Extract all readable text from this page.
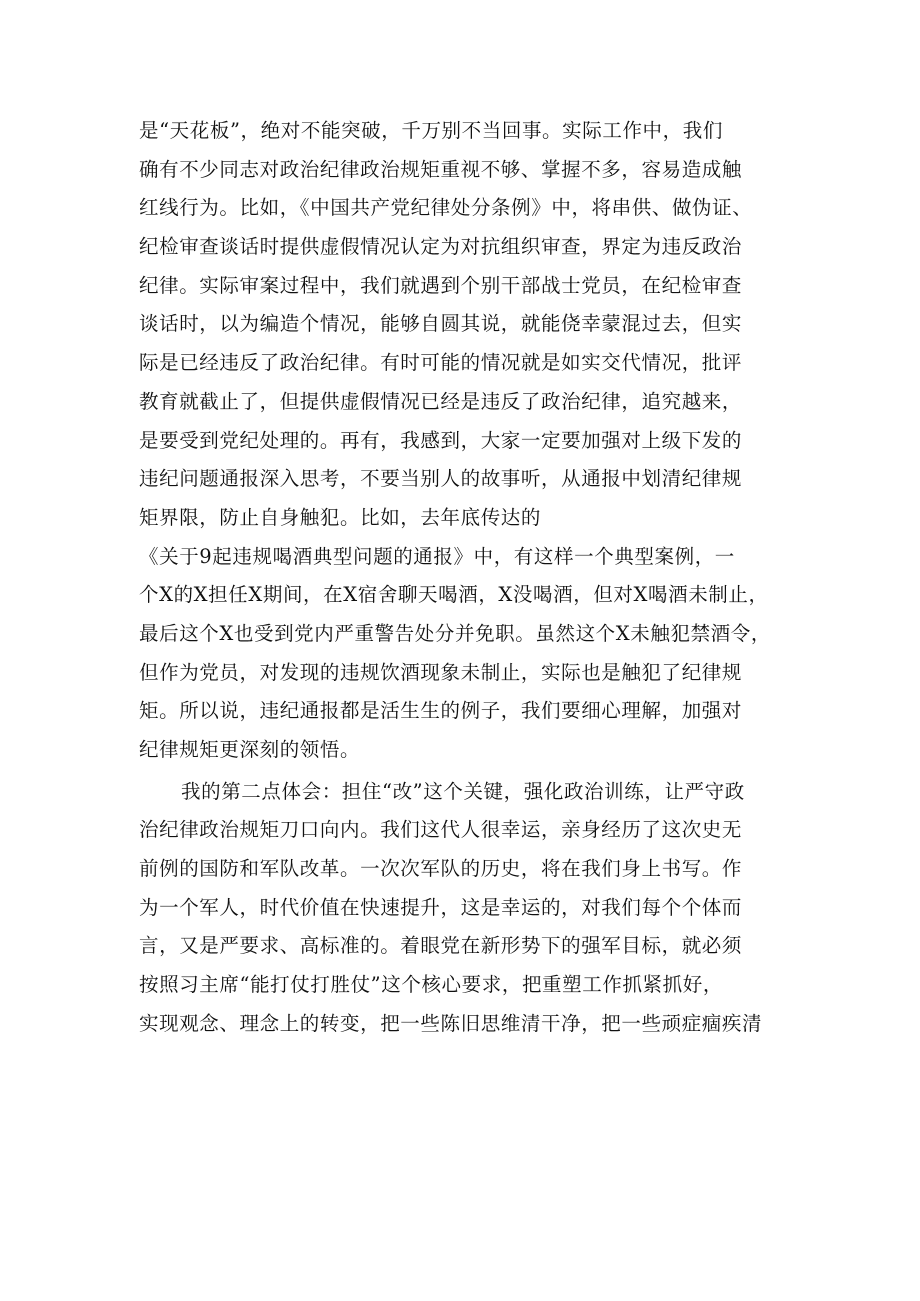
是“天花板”，绝对不能突破，千万别不当回事。实际工作中，我们
确有不少同志对政治纪律政治规矩重视不够、掌握不多，容易造成触
红线行为。比如，《中国共产党纪律处分条例》中，将串供、做伪证、
纪检审查谈话时提供虚假情况认定为对抗组织审查，界定为违反政治
纪律。实际审案过程中，我们就遇到个别干部战士党员，在纪检审查
谈话时，以为编造个情况，能够自圆其说，就能侥幸蒙混过去，但实
际是已经违反了政治纪律。有时可能的情况就是如实交代情况，批评
教育就截止了，但提供虚假情况已经是违反了政治纪律，追究越来，
是要受到党纪处理的。再有，我感到，大家一定要加强对上级下发的
违纪问题通报深入思考，不要当别人的故事听，从通报中划清纪律规
矩界限，防止自身触犯。比如，去年底传达的
《关于9起违规喝酒典型问题的通报》中，有这样一个典型案例，一
个X的X担任X期间，在X宿舍聊天喝酒，X没喝酒，但对X喝酒未制止，
最后这个X也受到党内严重警告处分并免职。虽然这个X未触犯禁酒令，
但作为党员，对发现的违规饮酒现象未制止，实际也是触犯了纪律规
矩。所以说，违纪通报都是活生生的例子，我们要细心理解，加强对
纪律规矩更深刻的领悟。
我的第二点体会：担住“改”这个关键，强化政治训练，让严守政
治纪律政治规矩刀口向内。我们这代人很幸运，亲身经历了这次史无
前例的国防和军队改革。一次次军队的历史，将在我们身上书写。作
为一个军人，时代价值在快速提升，这是幸运的，对我们每个个体而
言，又是严要求、高标准的。着眼党在新形势下的强军目标，就必须
按照习主席“能打仗打胜仗”这个核心要求，把重塑工作抓紧抓好，
实现观念、理念上的转变，把一些陈旧思维清干净，把一些顽症痼疾清
